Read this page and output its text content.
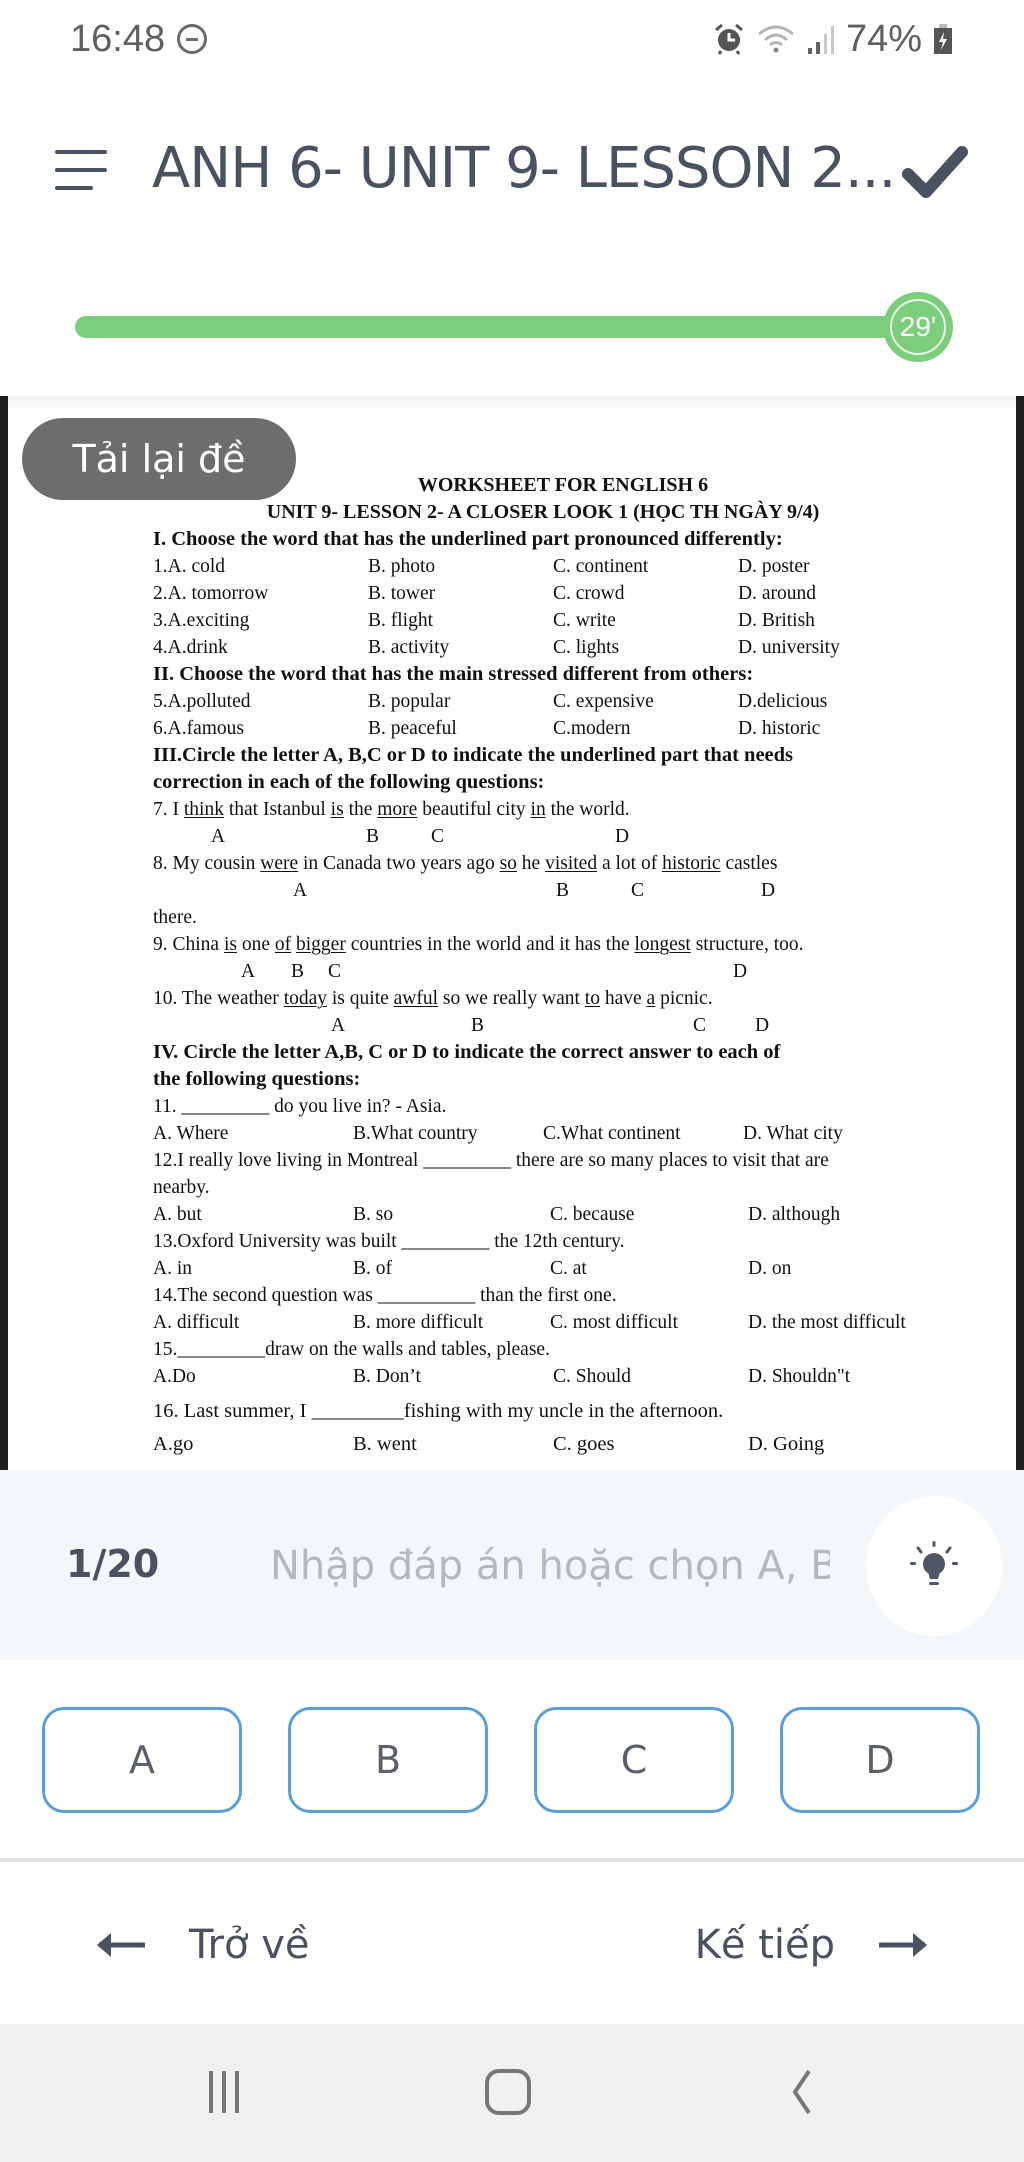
16:48	74%
ANH 6- UNIT 9- LESSON 2...
29'
Tải lại đề
WORKSHEET FOR ENGLISH 6
UNIT 9- LESSON 2- A CLOSER LOOK 1 (HỌC TH NGÀY 9/4)
I. Choose the word that has the underlined part pronounced differently:
1.A. cold	B. photo	C. continent	D. poster
2.A. tomorrow	B. tower	C. crowd	D. around
3.A.exciting	B. flight	C. write	D. British
4.A.drink	B. activity	C. lights	D. university
II. Choose the word that has the main stressed different from others:
5.A.polluted	B. popular	C. expensive	D.delicious
6.A.famous	B. peaceful	C.modern	D. historic
III.Circle the letter A, B,C or D to indicate the underlined part that needs
correction in each of the following questions:
7. I think that Istanbul is the more beautiful city in the world.
A	B	C	D
8. My cousin were in Canada two years ago so he visited a lot of historic castles
A	B	C	D
there.
9. China is one of bigger countries in the world and it has the longest structure, too.
A B C	D
10. The weather today is quite awful so we really want to have a picnic.
A	B	C	D
IV. Circle the letter A,B, C or D to indicate the correct answer to each of
the following questions:
11. _________ do you live in? - Asia.
A. Where	B.What country	C.What continent	D. What city
12.I really love living in Montreal _________ there are so many places to visit that are
nearby.
A. but	B. so	C. because	D. although
13.Oxford University was built _________ the 12th century.
A. in	B. of	C. at	D. on
14.The second question was __________ than the first one.
A. difficult	B. more difficult	C. most difficult	D. the most difficult
15._________draw on the walls and tables, please.
A.Do	B. Don’t	C. Should	D. Shouldn"t
16. Last summer, I _________fishing with my uncle in the afternoon.
A.go	B. went	C. goes	D. Going
1/20
Nhập đáp án hoặc chọn A, B, C, D
A	B	C	D
Trở về	Kế tiếp
